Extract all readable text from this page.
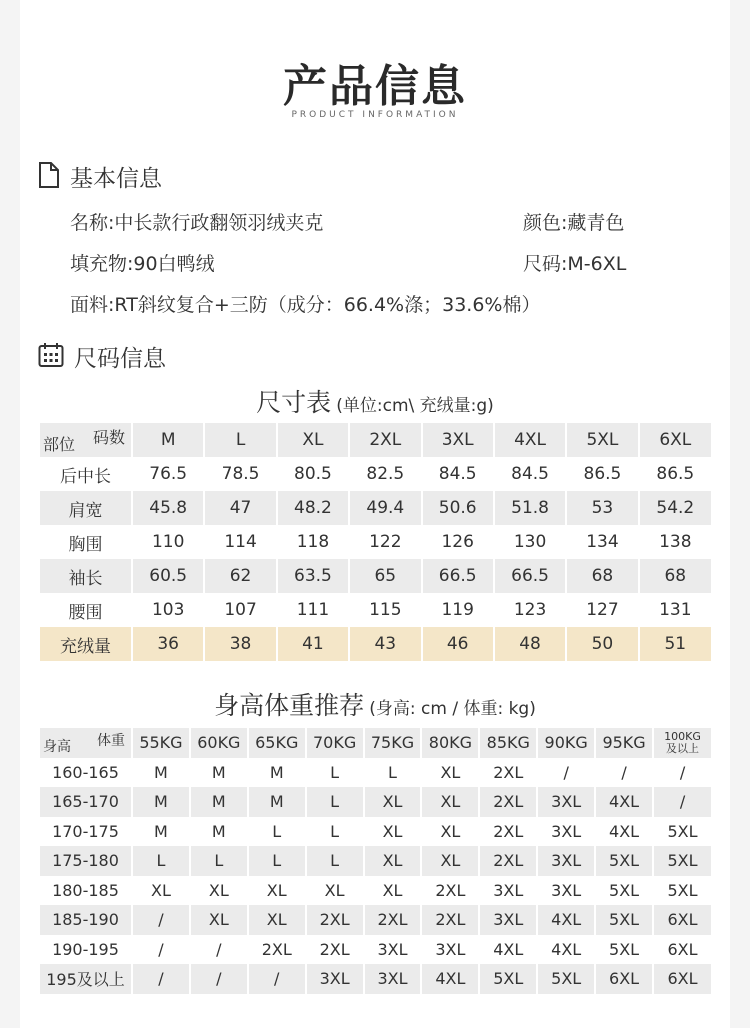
产品信息
PRODUCT INFORMATION
基本信息
名称:中长款行政翻领羽绒夹克	颜色:藏青色
填充物:90白鸭绒	尺码:M-6XL
面料:RT斜纹复合+三防（成分：66.4%涤；33.6%棉）
尺码信息
尺寸表 (单位:cm\ 充绒量:g)
码数
部位	M	L	XL	2XL	3XL	4XL	5XL	6XL
后中长	76.5	78.5	80.5	82.5	84.5	84.5	86.5	86.5
肩宽	45.8	47	48.2	49.4	50.6	51.8	53	54.2
胸围	110	114	118	122	126	130	134	138
袖长	60.5	62	63.5	65	66.5	66.5	68	68
腰围	103	107	111	115	119	123	127	131
充绒量	36	38	41	43	46	48	50	51
身高体重推荐 (身高: cm / 体重: kg)
体重
身高	55KG	60KG	65KG	70KG	75KG	80KG	85KG	90KG	95KG	100KG
及以上

160-165	M	M	M	L	L	XL	2XL	/	/	/
165-170	M	M	M	L	XL	XL	2XL	3XL	4XL	/
170-175	M	M	L	L	XL	XL	2XL	3XL	4XL	5XL
175-180	L	L	L	L	XL	XL	2XL	3XL	5XL	5XL
180-185	XL	XL	XL	XL	XL	2XL	3XL	3XL	5XL	5XL
185-190	/	XL	XL	2XL	2XL	2XL	3XL	4XL	5XL	6XL
190-195	/	/	2XL	2XL	3XL	3XL	4XL	4XL	5XL	6XL
195及以上	/	/	/	3XL	3XL	4XL	5XL	5XL	6XL	6XL
